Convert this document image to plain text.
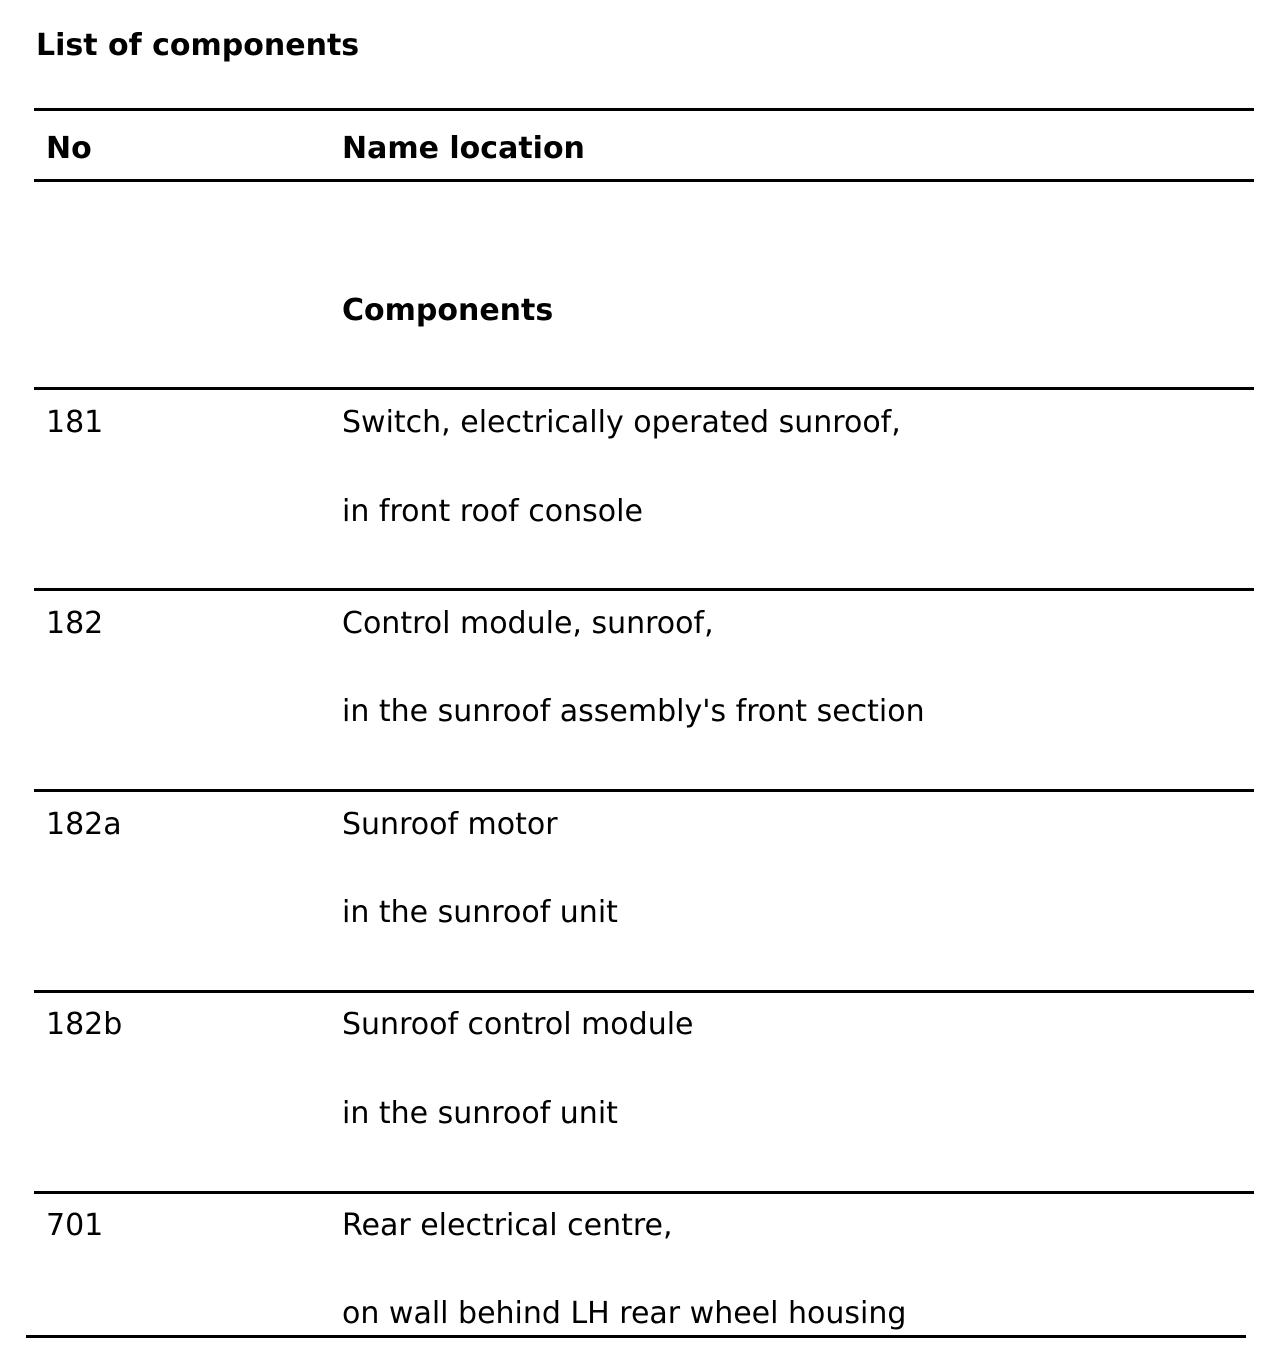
List of components
No	Name location
Components
181	Switch, electrically operated sunroof,
in front roof console
182	Control module, sunroof,
in the sunroof assembly's front section
182a	Sunroof motor
in the sunroof unit
182b	Sunroof control module
in the sunroof unit
701	Rear electrical centre,
on wall behind LH rear wheel housing
